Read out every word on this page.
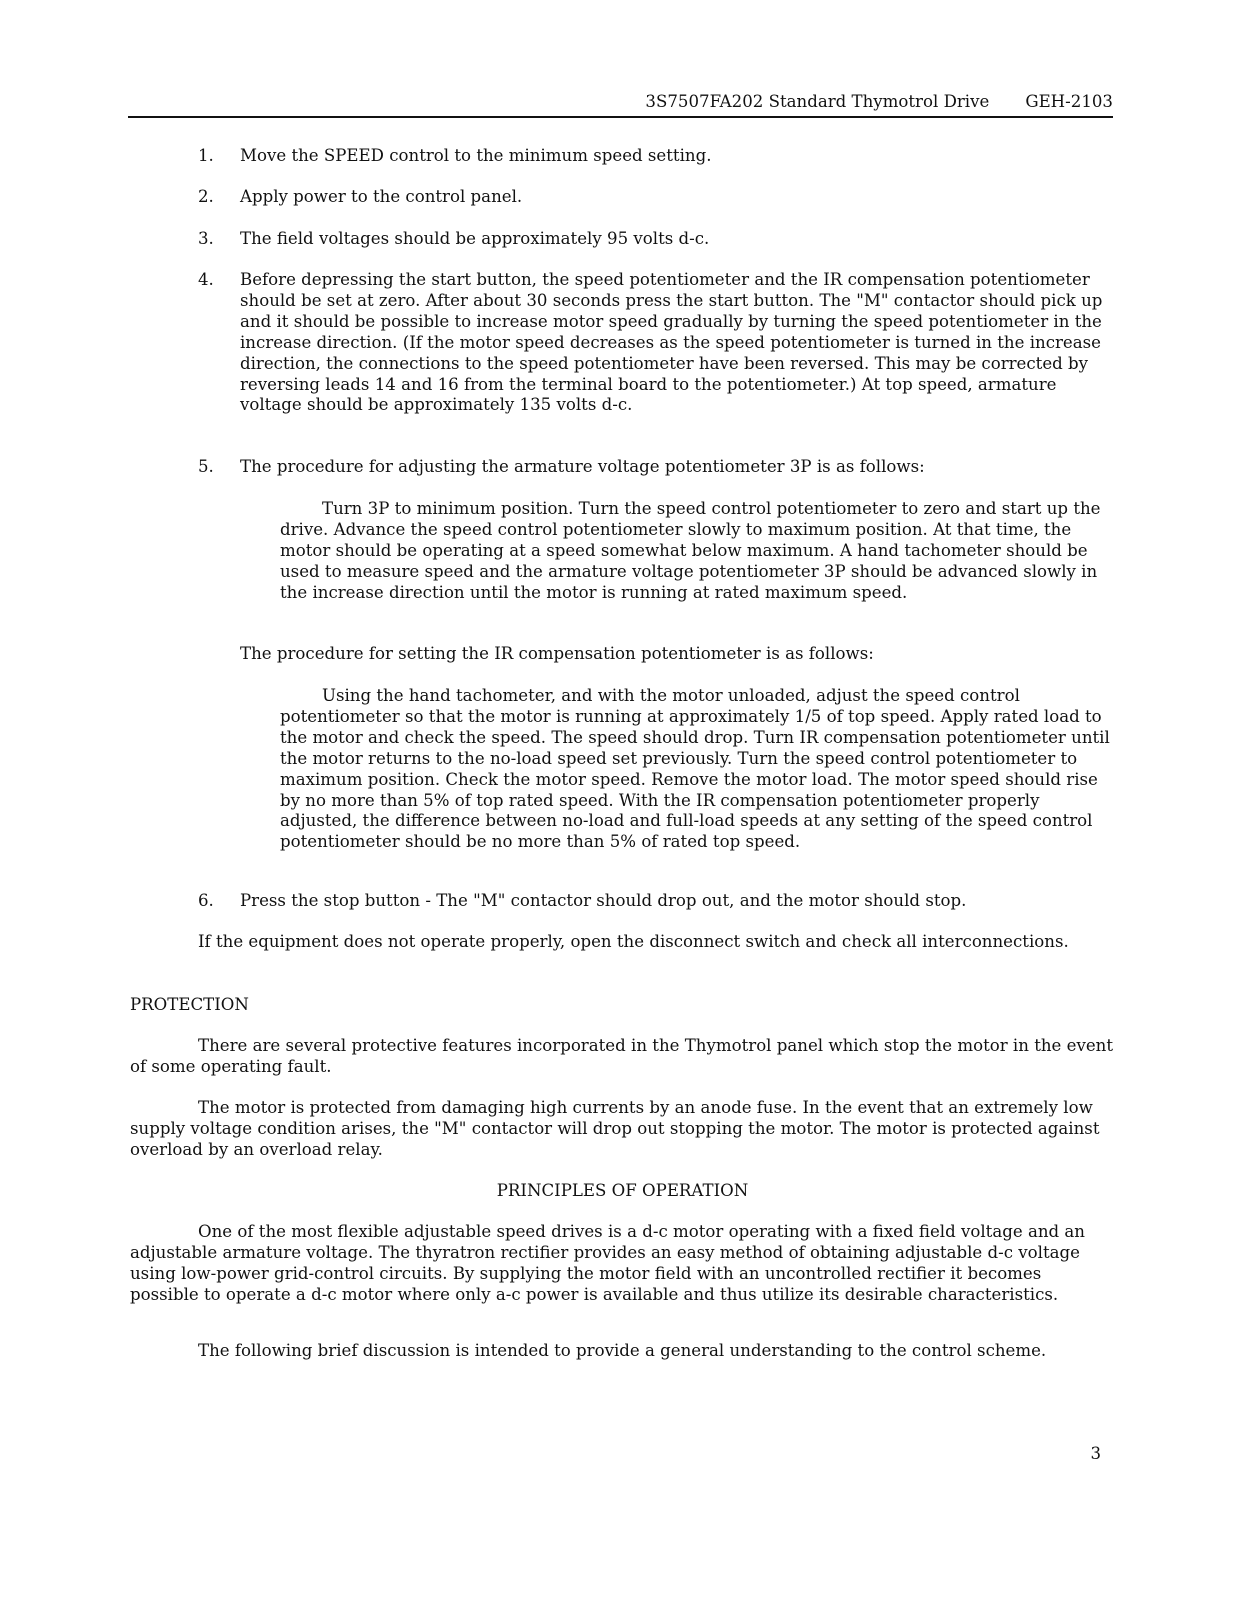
3S7507FA202 Standard Thymotrol Drive GEH-2103
1. Move the SPEED control to the minimum speed setting.
2. Apply power to the control panel.
3. The field voltages should be approximately 95 volts d-c.
4. Before depressing the start button, the speed potentiometer and the IR compensation potentiometer should be set at zero. After about 30 seconds press the start button. The "M" contactor should pick up and it should be possible to increase motor speed gradually by turning the speed potentiometer in the increase direction. (If the motor speed decreases as the speed potentiometer is turned in the increase direction, the connections to the speed potentiometer have been reversed. This may be corrected by reversing leads 14 and 16 from the terminal board to the potentiometer.) At top speed, armature voltage should be approximately 135 volts d-c.
5. The procedure for adjusting the armature voltage potentiometer 3P is as follows:

Turn 3P to minimum position. Turn the speed control potentiometer to zero and start up the drive. Advance the speed control potentiometer slowly to maximum position. At that time, the motor should be operating at a speed somewhat below maximum. A hand tachometer should be used to measure speed and the armature voltage potentiometer 3P should be advanced slowly in the increase direction until the motor is running at rated maximum speed.

The procedure for setting the IR compensation potentiometer is as follows:

Using the hand tachometer, and with the motor unloaded, adjust the speed control potentiometer so that the motor is running at approximately 1/5 of top speed. Apply rated load to the motor and check the speed. The speed should drop. Turn IR compensation potentiometer until the motor returns to the no-load speed set previously. Turn the speed control potentiometer to maximum position. Check the motor speed. Remove the motor load. The motor speed should rise by no more than 5% of top rated speed. With the IR compensation potentiometer properly adjusted, the difference between no-load and full-load speeds at any setting of the speed control potentiometer should be no more than 5% of rated top speed.

6. Press the stop button - The "M" contactor should drop out, and the motor should stop.

If the equipment does not operate properly, open the disconnect switch and check all interconnections.

PROTECTION

There are several protective features incorporated in the Thymotrol panel which stop the motor in the event of some operating fault.

The motor is protected from damaging high currents by an anode fuse. In the event that an extremely low supply voltage condition arises, the "M" contactor will drop out stopping the motor. The motor is protected against overload by an overload relay.

PRINCIPLES OF OPERATION

One of the most flexible adjustable speed drives is a d-c motor operating with a fixed field voltage and an adjustable armature voltage. The thyratron rectifier provides an easy method of obtaining adjustable d-c voltage using low-power grid-control circuits. By supplying the motor field with an uncontrolled rectifier it becomes possible to operate a d-c motor where only a-c power is available and thus utilize its desirable characteristics.

The following brief discussion is intended to provide a general understanding to the control scheme.

3
